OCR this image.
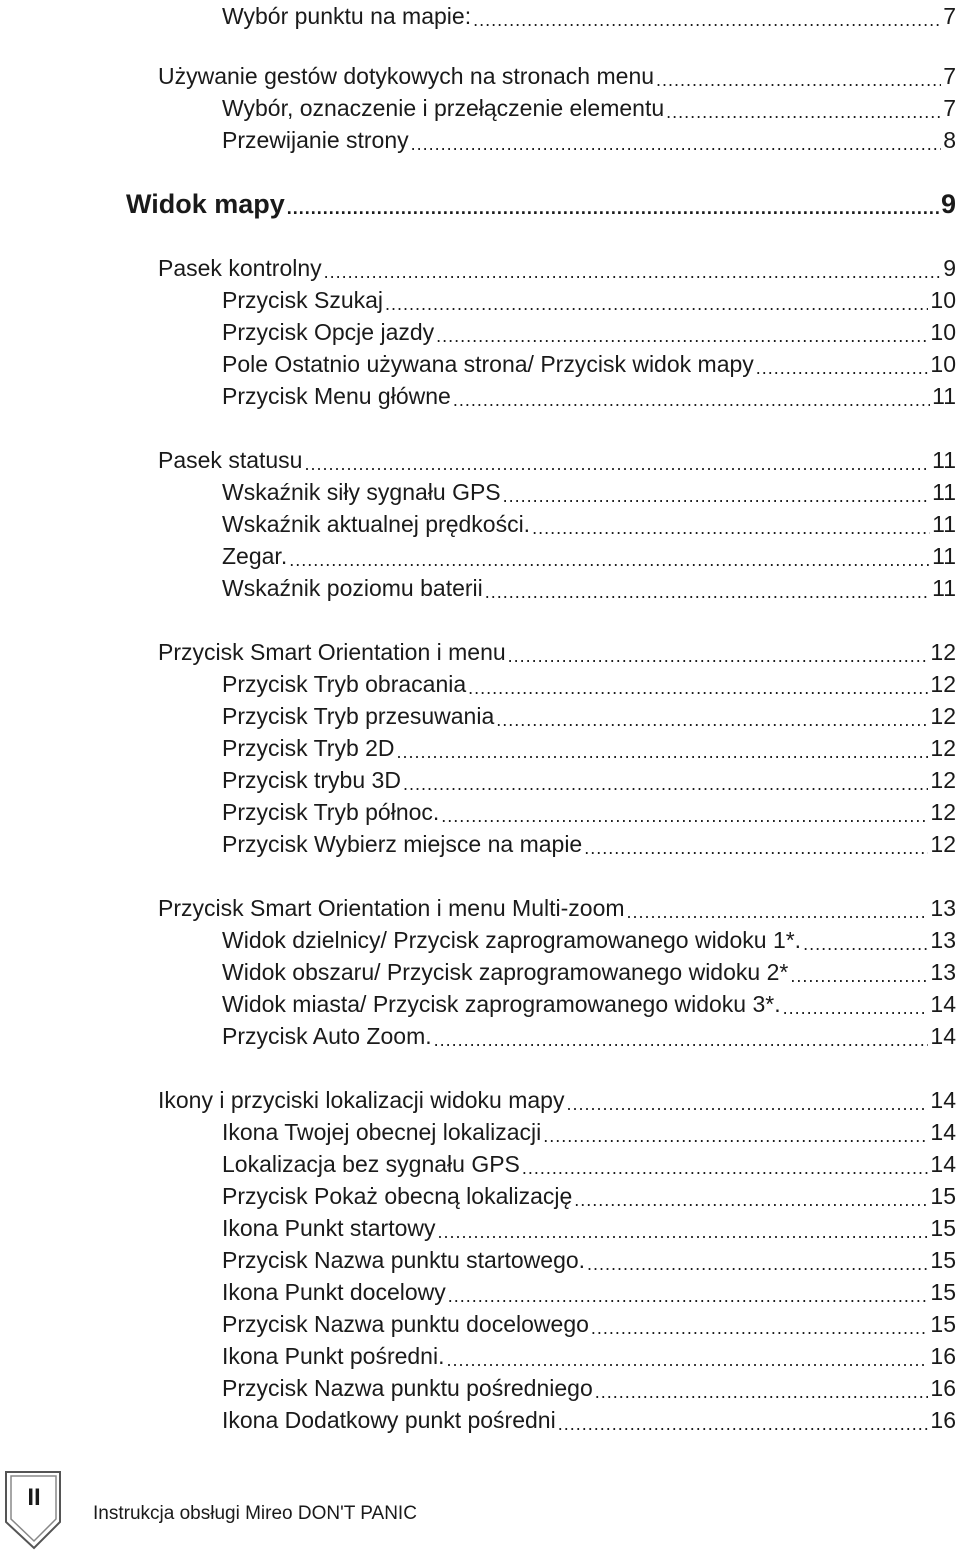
Wybór punktu na mapie: .....	7
Używanie gestów dotykowych na stronach menu .....	7
Wybór, oznaczenie i przełączenie elementu .....	7
Przewijanie strony .....	8
Widok mapy .....	9
Pasek kontrolny .....	9
Przycisk Szukaj .....	10
Przycisk Opcje jazdy .....	10
Pole Ostatnio używana strona/ Przycisk widok mapy .....	10
Przycisk Menu główne .....	11
Pasek statusu .....	11
Wskaźnik siły sygnału GPS .....	11
Wskaźnik aktualnej prędkości. .....	11
Zegar. .....	11
Wskaźnik poziomu baterii .....	11
Przycisk Smart Orientation i menu .....	12
Przycisk Tryb obracania .....	12
Przycisk Tryb przesuwania .....	12
Przycisk Tryb 2D .....	12
Przycisk trybu 3D .....	12
Przycisk Tryb północ. .....	12
Przycisk Wybierz miejsce na mapie .....	12
Przycisk Smart Orientation i menu Multi-zoom .....	13
Widok dzielnicy/ Przycisk zaprogramowanego widoku 1*. .....	13
Widok obszaru/ Przycisk zaprogramowanego widoku 2* .....	13
Widok miasta/ Przycisk zaprogramowanego widoku 3*. .....	14
Przycisk Auto Zoom. .....	14
Ikony i przyciski lokalizacji widoku mapy .....	14
Ikona Twojej obecnej lokalizacji .....	14
Lokalizacja bez sygnału GPS .....	14
Przycisk Pokaż obecną lokalizację .....	15
Ikona Punkt startowy .....	15
Przycisk Nazwa punktu startowego. .....	15
Ikona Punkt docelowy .....	15
Przycisk Nazwa punktu docelowego .....	15
Ikona Punkt pośredni. .....	16
Przycisk Nazwa punktu pośredniego .....	16
Ikona Dodatkowy punkt pośredni .....	16
II
Instrukcja obsługi Mireo DON'T PANIC
